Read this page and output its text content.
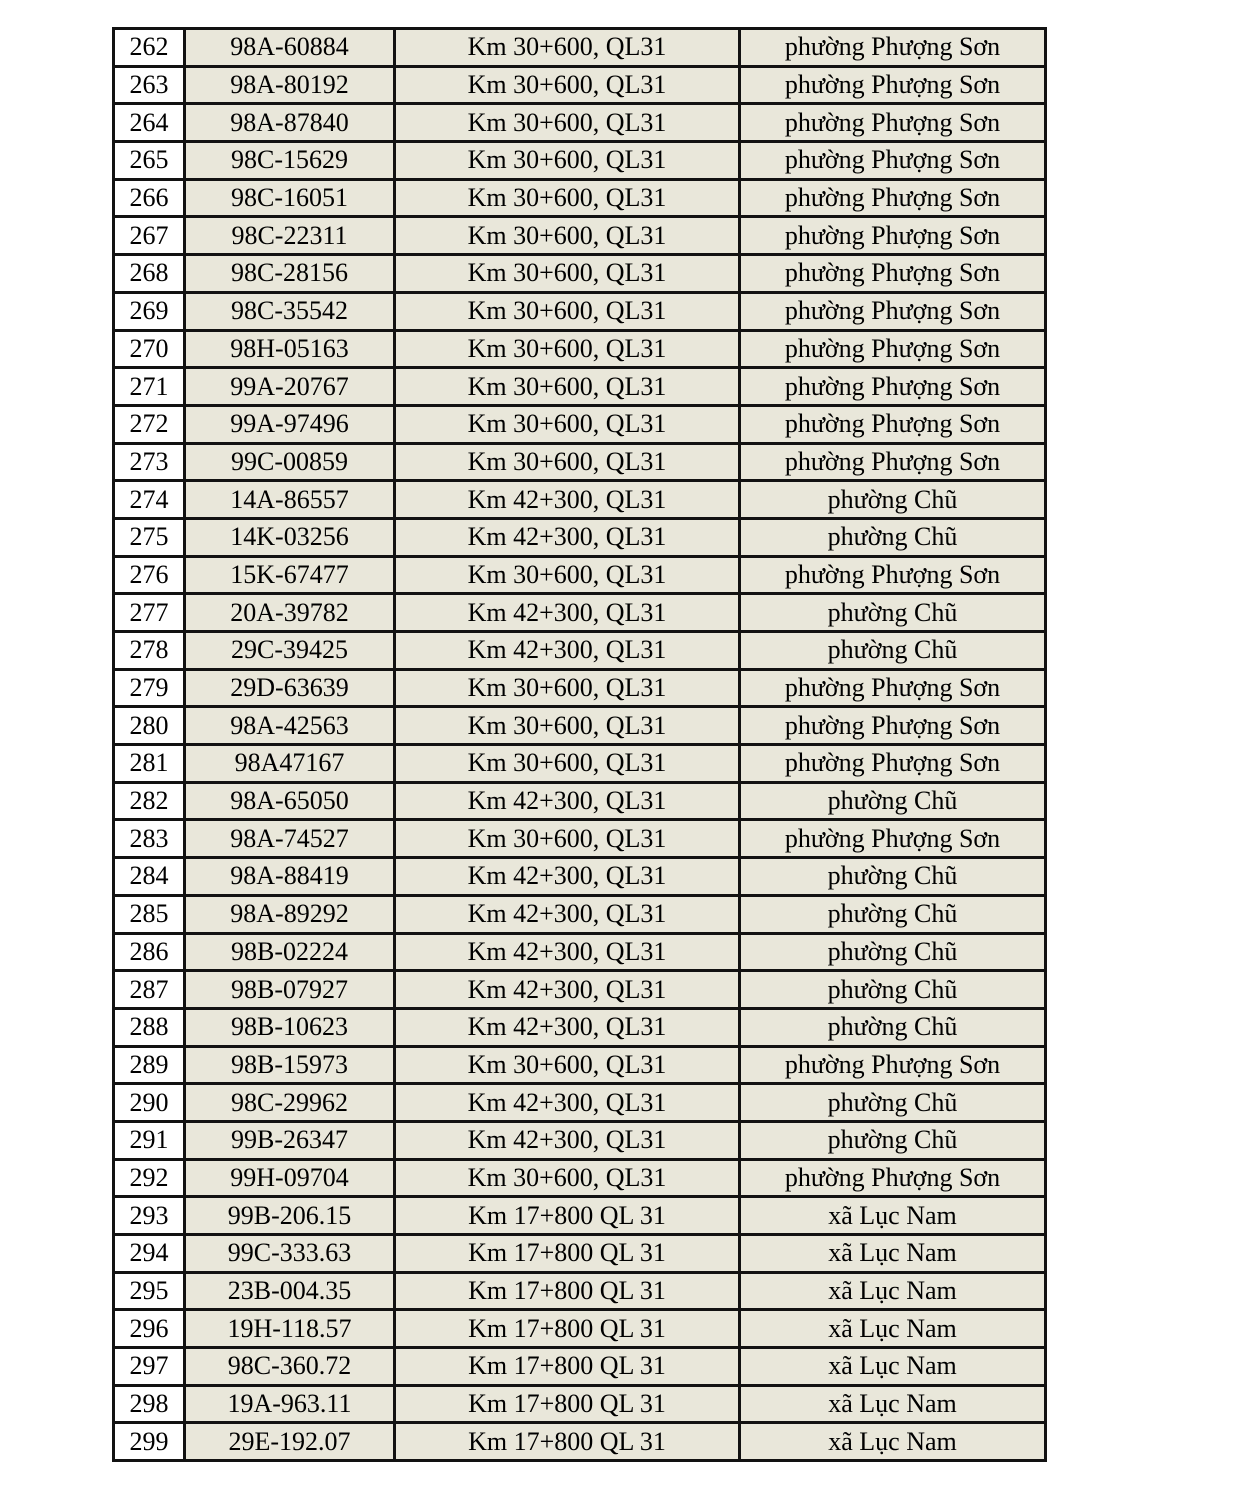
262	98A-60884	Km 30+600, QL31	phường Phượng Sơn
263	98A-80192	Km 30+600, QL31	phường Phượng Sơn
264	98A-87840	Km 30+600, QL31	phường Phượng Sơn
265	98C-15629	Km 30+600, QL31	phường Phượng Sơn
266	98C-16051	Km 30+600, QL31	phường Phượng Sơn
267	98C-22311	Km 30+600, QL31	phường Phượng Sơn
268	98C-28156	Km 30+600, QL31	phường Phượng Sơn
269	98C-35542	Km 30+600, QL31	phường Phượng Sơn
270	98H-05163	Km 30+600, QL31	phường Phượng Sơn
271	99A-20767	Km 30+600, QL31	phường Phượng Sơn
272	99A-97496	Km 30+600, QL31	phường Phượng Sơn
273	99C-00859	Km 30+600, QL31	phường Phượng Sơn
274	14A-86557	Km 42+300, QL31	phường Chũ
275	14K-03256	Km 42+300, QL31	phường Chũ
276	15K-67477	Km 30+600, QL31	phường Phượng Sơn
277	20A-39782	Km 42+300, QL31	phường Chũ
278	29C-39425	Km 42+300, QL31	phường Chũ
279	29D-63639	Km 30+600, QL31	phường Phượng Sơn
280	98A-42563	Km 30+600, QL31	phường Phượng Sơn
281	98A47167	Km 30+600, QL31	phường Phượng Sơn
282	98A-65050	Km 42+300, QL31	phường Chũ
283	98A-74527	Km 30+600, QL31	phường Phượng Sơn
284	98A-88419	Km 42+300, QL31	phường Chũ
285	98A-89292	Km 42+300, QL31	phường Chũ
286	98B-02224	Km 42+300, QL31	phường Chũ
287	98B-07927	Km 42+300, QL31	phường Chũ
288	98B-10623	Km 42+300, QL31	phường Chũ
289	98B-15973	Km 30+600, QL31	phường Phượng Sơn
290	98C-29962	Km 42+300, QL31	phường Chũ
291	99B-26347	Km 42+300, QL31	phường Chũ
292	99H-09704	Km 30+600, QL31	phường Phượng Sơn
293	99B-206.15	Km 17+800 QL 31	xã Lục Nam
294	99C-333.63	Km 17+800 QL 31	xã Lục Nam
295	23B-004.35	Km 17+800 QL 31	xã Lục Nam
296	19H-118.57	Km 17+800 QL 31	xã Lục Nam
297	98C-360.72	Km 17+800 QL 31	xã Lục Nam
298	19A-963.11	Km 17+800 QL 31	xã Lục Nam
299	29E-192.07	Km 17+800 QL 31	xã Lục Nam
